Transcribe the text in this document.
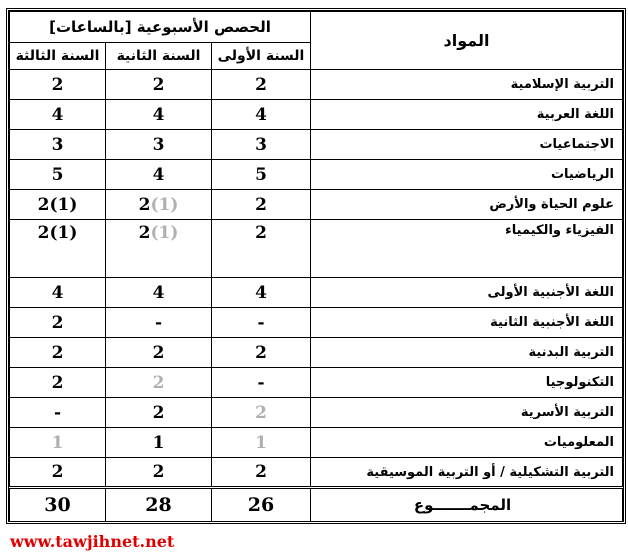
الحصص الأسبوعية [بالساعات]			المواد
السنة الثالثة	السنة الثانية	السنة الأولى	
2	2	2	التربية الإسلامية
4	4	4	اللغة العربية
3	3	3	الاجتماعيات
5	4	5	الرياضيات
2(1)	2(1)	2	علوم الحياة والأرض
2(1)	2(1)	2	الفيزياء والكيمياء
4	4	4	اللغة الأجنبية الأولى
2	-	-	اللغة الأجنبية الثانية
2	2	2	التربية البدنية
2	2	-	التكنولوجيا
-	2	2	التربية الأسرية
1	1	1	المعلوميات
2	2	2	التربية التشكيلية / أو التربية الموسيقية
30	28	26	المجمـــــــوع
www.tawjihnet.net
